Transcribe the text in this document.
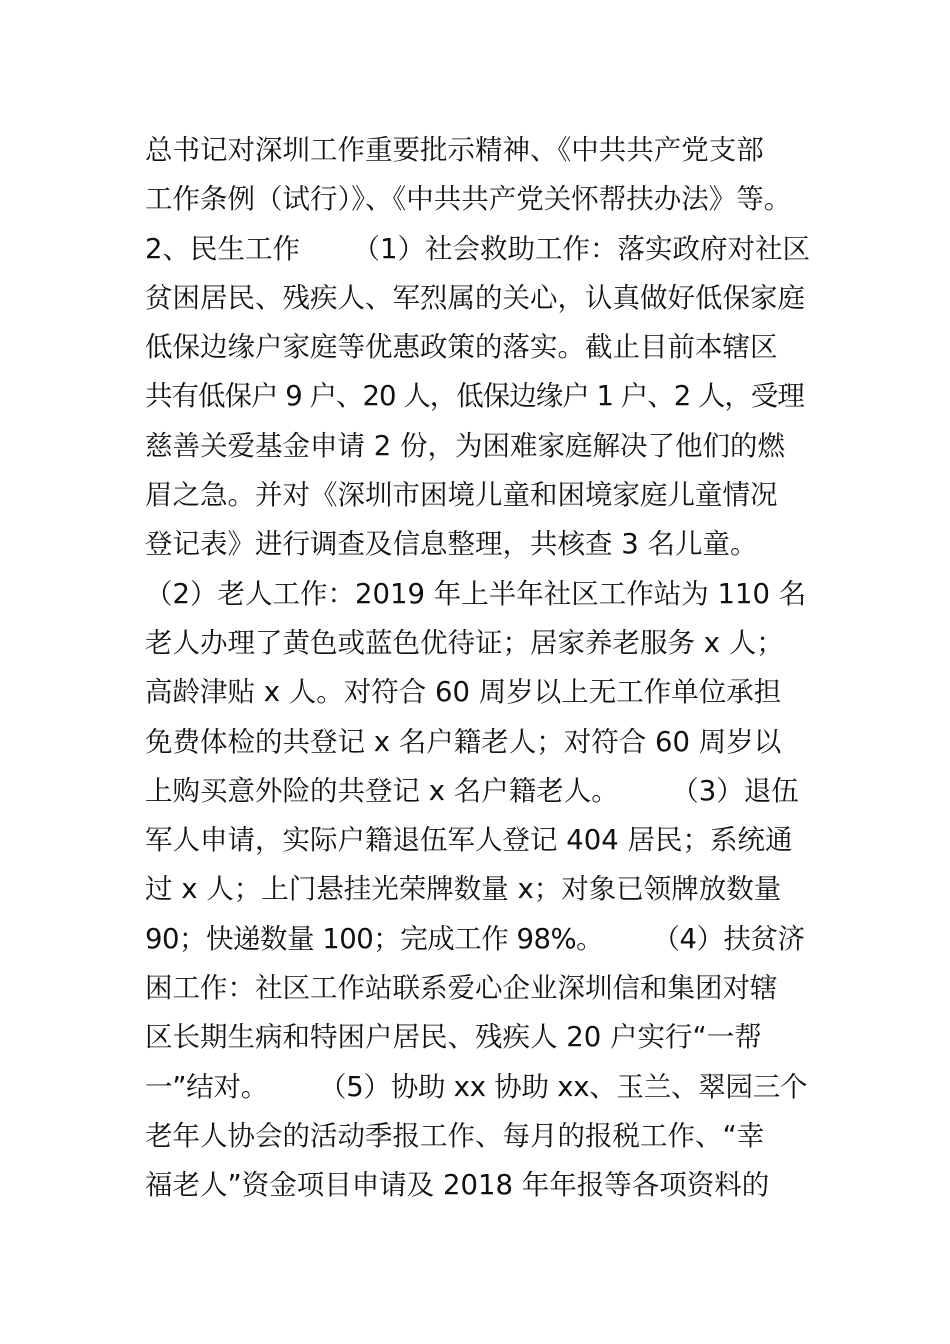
总书记对深圳工作重要批示精神、《中共共产党支部
工作条例（试行）》、《中共共产党关怀帮扶办法》等。
2、民生工作      （1）社会救助工作：落实政府对社区
贫困居民、残疾人、军烈属的关心，认真做好低保家庭
低保边缘户家庭等优惠政策的落实。截止目前本辖区
共有低保户 9 户、20 人，低保边缘户 1 户、2 人，受理
慈善关爱基金申请 2 份，为困难家庭解决了他们的燃
眉之急。并对《深圳市困境儿童和困境家庭儿童情况
登记表》进行调查及信息整理，共核查 3 名儿童。
（2）老人工作：2019 年上半年社区工作站为 110 名
老人办理了黄色或蓝色优待证；居家养老服务 x 人；
高龄津贴 x 人。对符合 60 周岁以上无工作单位承担
免费体检的共登记 x 名户籍老人；对符合 60 周岁以
上购买意外险的共登记 x 名户籍老人。      （3）退伍
军人申请，实际户籍退伍军人登记 404 居民；系统通
过 x 人；上门悬挂光荣牌数量 x；对象已领牌放数量
90；快递数量 100；完成工作 98%。      （4）扶贫济
困工作：社区工作站联系爱心企业深圳信和集团对辖
区长期生病和特困户居民、残疾人 20 户实行“一帮
一”结对。      （5）协助 xx 协助 xx、玉兰、翠园三个
老年人协会的活动季报工作、每月的报税工作、“幸
福老人”资金项目申请及 2018 年年报等各项资料的
